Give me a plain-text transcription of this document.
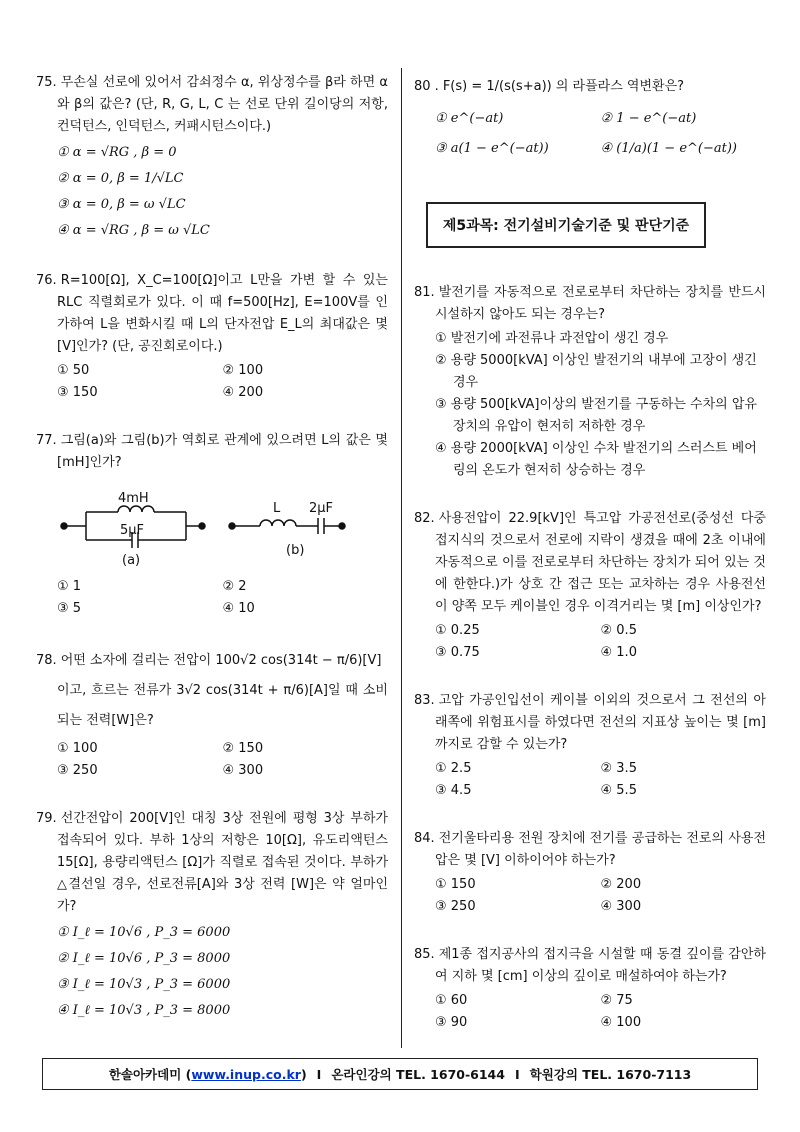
75. 무손실 선로에 있어서 감쇠정수 α, 위상정수를 β라 하면 α와 β의 값은? (단, R, G, L, C 는 선로 단위 길이당의 저항, 컨덕턴스, 인덕턴스, 커패시턴스이다.)
① α = √RG , β = 0
② α = 0, β = 1/√LC
③ α = 0, β = ω √LC
④ α = √RG , β = ω √LC
76. R=100[Ω], X_C=100[Ω]이고 L만을 가변 할 수 있는 RLC 직렬회로가 있다. 이 때 f=500[Hz], E=100V를 인가하여 L을 변화시킬 때 L의 단자전압 E_L의 최대값은 몇 [V]인가? (단, 공진회로이다.)
① 50	② 100
③ 150	④ 200
77. 그림(a)와 그림(b)가 역회로 관계에 있으려면 L의 값은 몇 [mH]인가?
4mH
5μF
(a)
L 2μF
(b)
① 1	② 2
③ 5	④ 10
78. 어떤 소자에 걸리는 전압이 100√2 cos(314t − π/6)[V]
이고, 흐르는 전류가 3√2 cos(314t + π/6)[A]일 때 소비되는 전력[W]은?
① 100	② 150
③ 250	④ 300
79. 선간전압이 200[V]인 대칭 3상 전원에 평형 3상 부하가 접속되어 있다. 부하 1상의 저항은 10[Ω], 유도리액턴스 15[Ω], 용량리액턴스 [Ω]가 직렬로 접속된 것이다. 부하가 △결선일 경우, 선로전류[A]와 3상 전력 [W]은 약 얼마인가?
① I_ℓ = 10√6 , P_3 = 6000
② I_ℓ = 10√6 , P_3 = 8000
③ I_ℓ = 10√3 , P_3 = 6000
④ I_ℓ = 10√3 , P_3 = 8000
80 . F(s) = 1/(s(s+a)) 의 라플라스 역변환은?
① e^(−at)	② 1 − e^(−at)
③ a(1 − e^(−at))	④ (1/a)(1 − e^(−at))
제5과목: 전기설비기술기준 및 판단기준
81. 발전기를 자동적으로 전로로부터 차단하는 장치를 반드시 시설하지 않아도 되는 경우는?
① 발전기에 과전류나 과전압이 생긴 경우
② 용량 5000[kVA] 이상인 발전기의 내부에 고장이 생긴 경우
③ 용량 500[kVA]이상의 발전기를 구동하는 수차의 압유 장치의 유압이 현저히 저하한 경우
④ 용량 2000[kVA] 이상인 수차 발전기의 스러스트 베어링의 온도가 현저히 상승하는 경우
82. 사용전압이 22.9[kV]인 특고압 가공전선로(중성선 다중접지식의 것으로서 전로에 지락이 생겼을 때에 2초 이내에 자동적으로 이를 전로로부터 차단하는 장치가 되어 있는 것에 한한다.)가 상호 간 접근 또는 교차하는 경우 사용전선이 양쪽 모두 케이블인 경우 이격거리는 몇 [m] 이상인가?
① 0.25	② 0.5
③ 0.75	④ 1.0
83. 고압 가공인입선이 케이블 이외의 것으로서 그 전선의 아래쪽에 위험표시를 하였다면 전선의 지표상 높이는 몇 [m] 까지로 감할 수 있는가?
① 2.5	② 3.5
③ 4.5	④ 5.5
84. 전기울타리용 전원 장치에 전기를 공급하는 전로의 사용전압은 몇 [V] 이하이어야 하는가?
① 150	② 200
③ 250	④ 300
85. 제1종 접지공사의 접지극을 시설할 때 동결 깊이를 감안하여 지하 몇 [cm] 이상의 깊이로 매설하여야 하는가?
① 60	② 75
③ 90	④ 100
한솔아카데미 ( www.inup.co.kr ) I 온라인강의 TEL. 1670-6144 I 학원강의 TEL. 1670-7113
